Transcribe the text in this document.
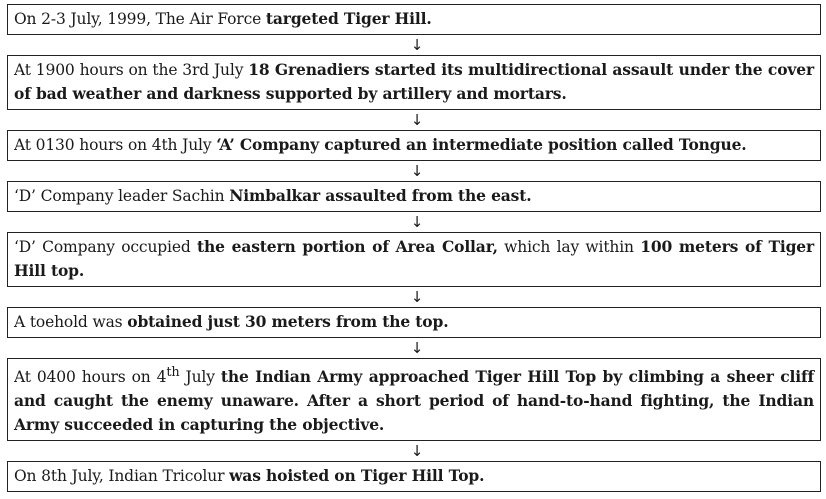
On 2-3 July, 1999, The Air Force targeted Tiger Hill.
↓
At 1900 hours on the 3rd July 18 Grenadiers started its multidirectional assault under the cover of bad weather and darkness supported by artillery and mortars.
↓
At 0130 hours on 4th July ‘A’ Company captured an intermediate position called Tongue.
↓
‘D’ Company leader Sachin Nimbalkar assaulted from the east.
↓
‘D’ Company occupied the eastern portion of Area Collar, which lay within 100 meters of Tiger Hill top.
↓
A toehold was obtained just 30 meters from the top.
↓
At 0400 hours on 4th July the Indian Army approached Tiger Hill Top by climbing a sheer cliff and caught the enemy unaware. After a short period of hand-to-hand fighting, the Indian Army succeeded in capturing the objective.
↓
On 8th July, Indian Tricolur was hoisted on Tiger Hill Top.
